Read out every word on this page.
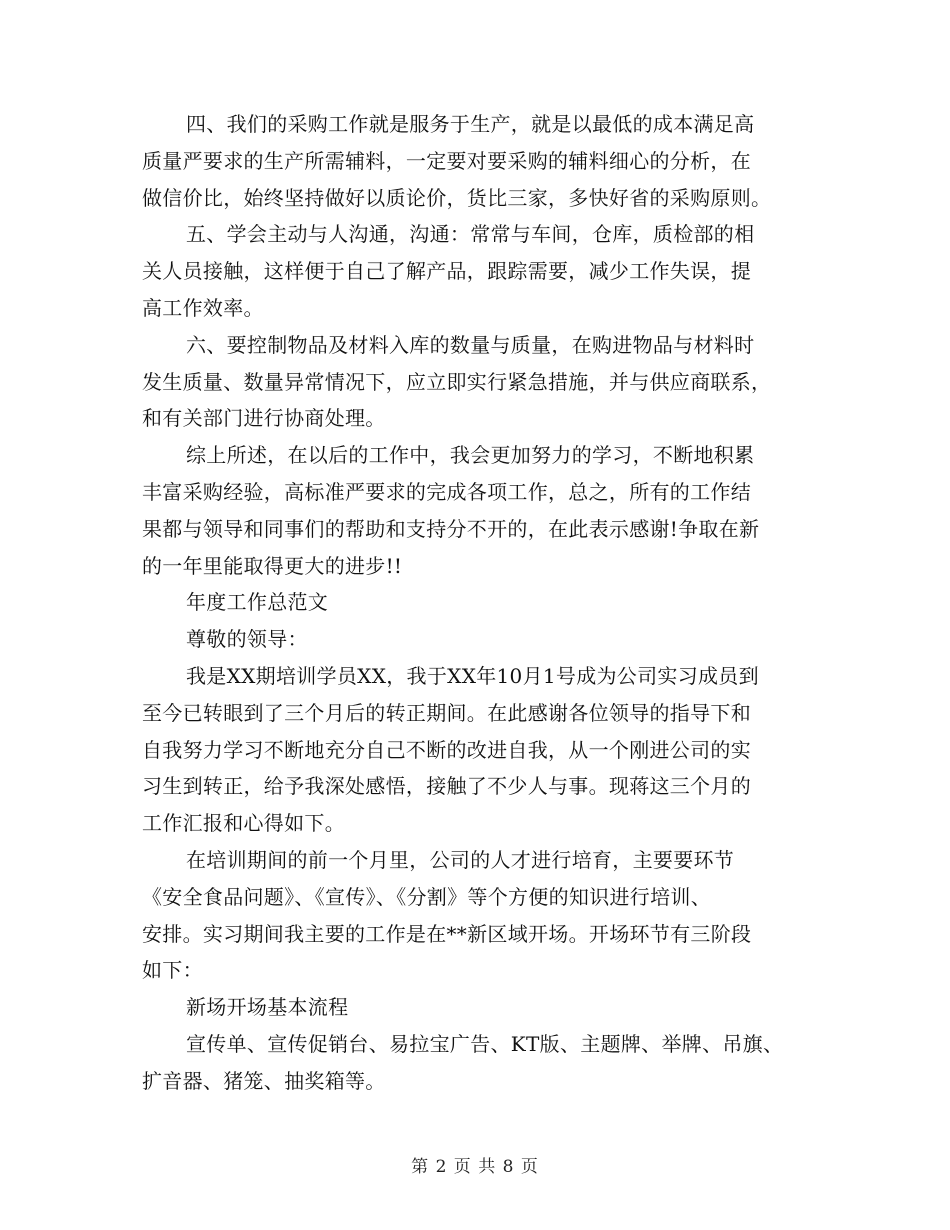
四、我们的采购工作就是服务于生产，就是以最低的成本满足高
质量严要求的生产所需辅料，一定要对要采购的辅料细心的分析，在
做信价比，始终坚持做好以质论价，货比三家，多快好省的采购原则。
五、学会主动与人沟通，沟通：常常与车间，仓库，质检部的相
关人员接触，这样便于自己了解产品，跟踪需要，减少工作失误，提
高工作效率。
六、要控制物品及材料入库的数量与质量，在购进物品与材料时
发生质量、数量异常情况下，应立即实行紧急措施，并与供应商联系，
和有关部门进行协商处理。
综上所述，在以后的工作中，我会更加努力的学习，不断地积累
丰富采购经验，高标准严要求的完成各项工作，总之，所有的工作结
果都与领导和同事们的帮助和支持分不开的，在此表示感谢!争取在新
的一年里能取得更大的进步!!
年度工作总范文
尊敬的领导：
我是XX期培训学员XX，我于XX年10月1号成为公司实习成员到
至今已转眼到了三个月后的转正期间。在此感谢各位领导的指导下和
自我努力学习不断地充分自己不断的改进自我，从一个刚进公司的实
习生到转正，给予我深处感悟，接触了不少人与事。现蒋这三个月的
工作汇报和心得如下。
在培训期间的前一个月里，公司的人才进行培育，主要要环节
《安全食品问题》、《宣传》、《分割》等个方便的知识进行培训、
安排。实习期间我主要的工作是在**新区域开场。开场环节有三阶段
如下：
新场开场基本流程
宣传单、宣传促销台、易拉宝广告、KT版、主题牌、举牌、吊旗、
扩音器、猪笼、抽奖箱等。
第 2 页 共 8 页
